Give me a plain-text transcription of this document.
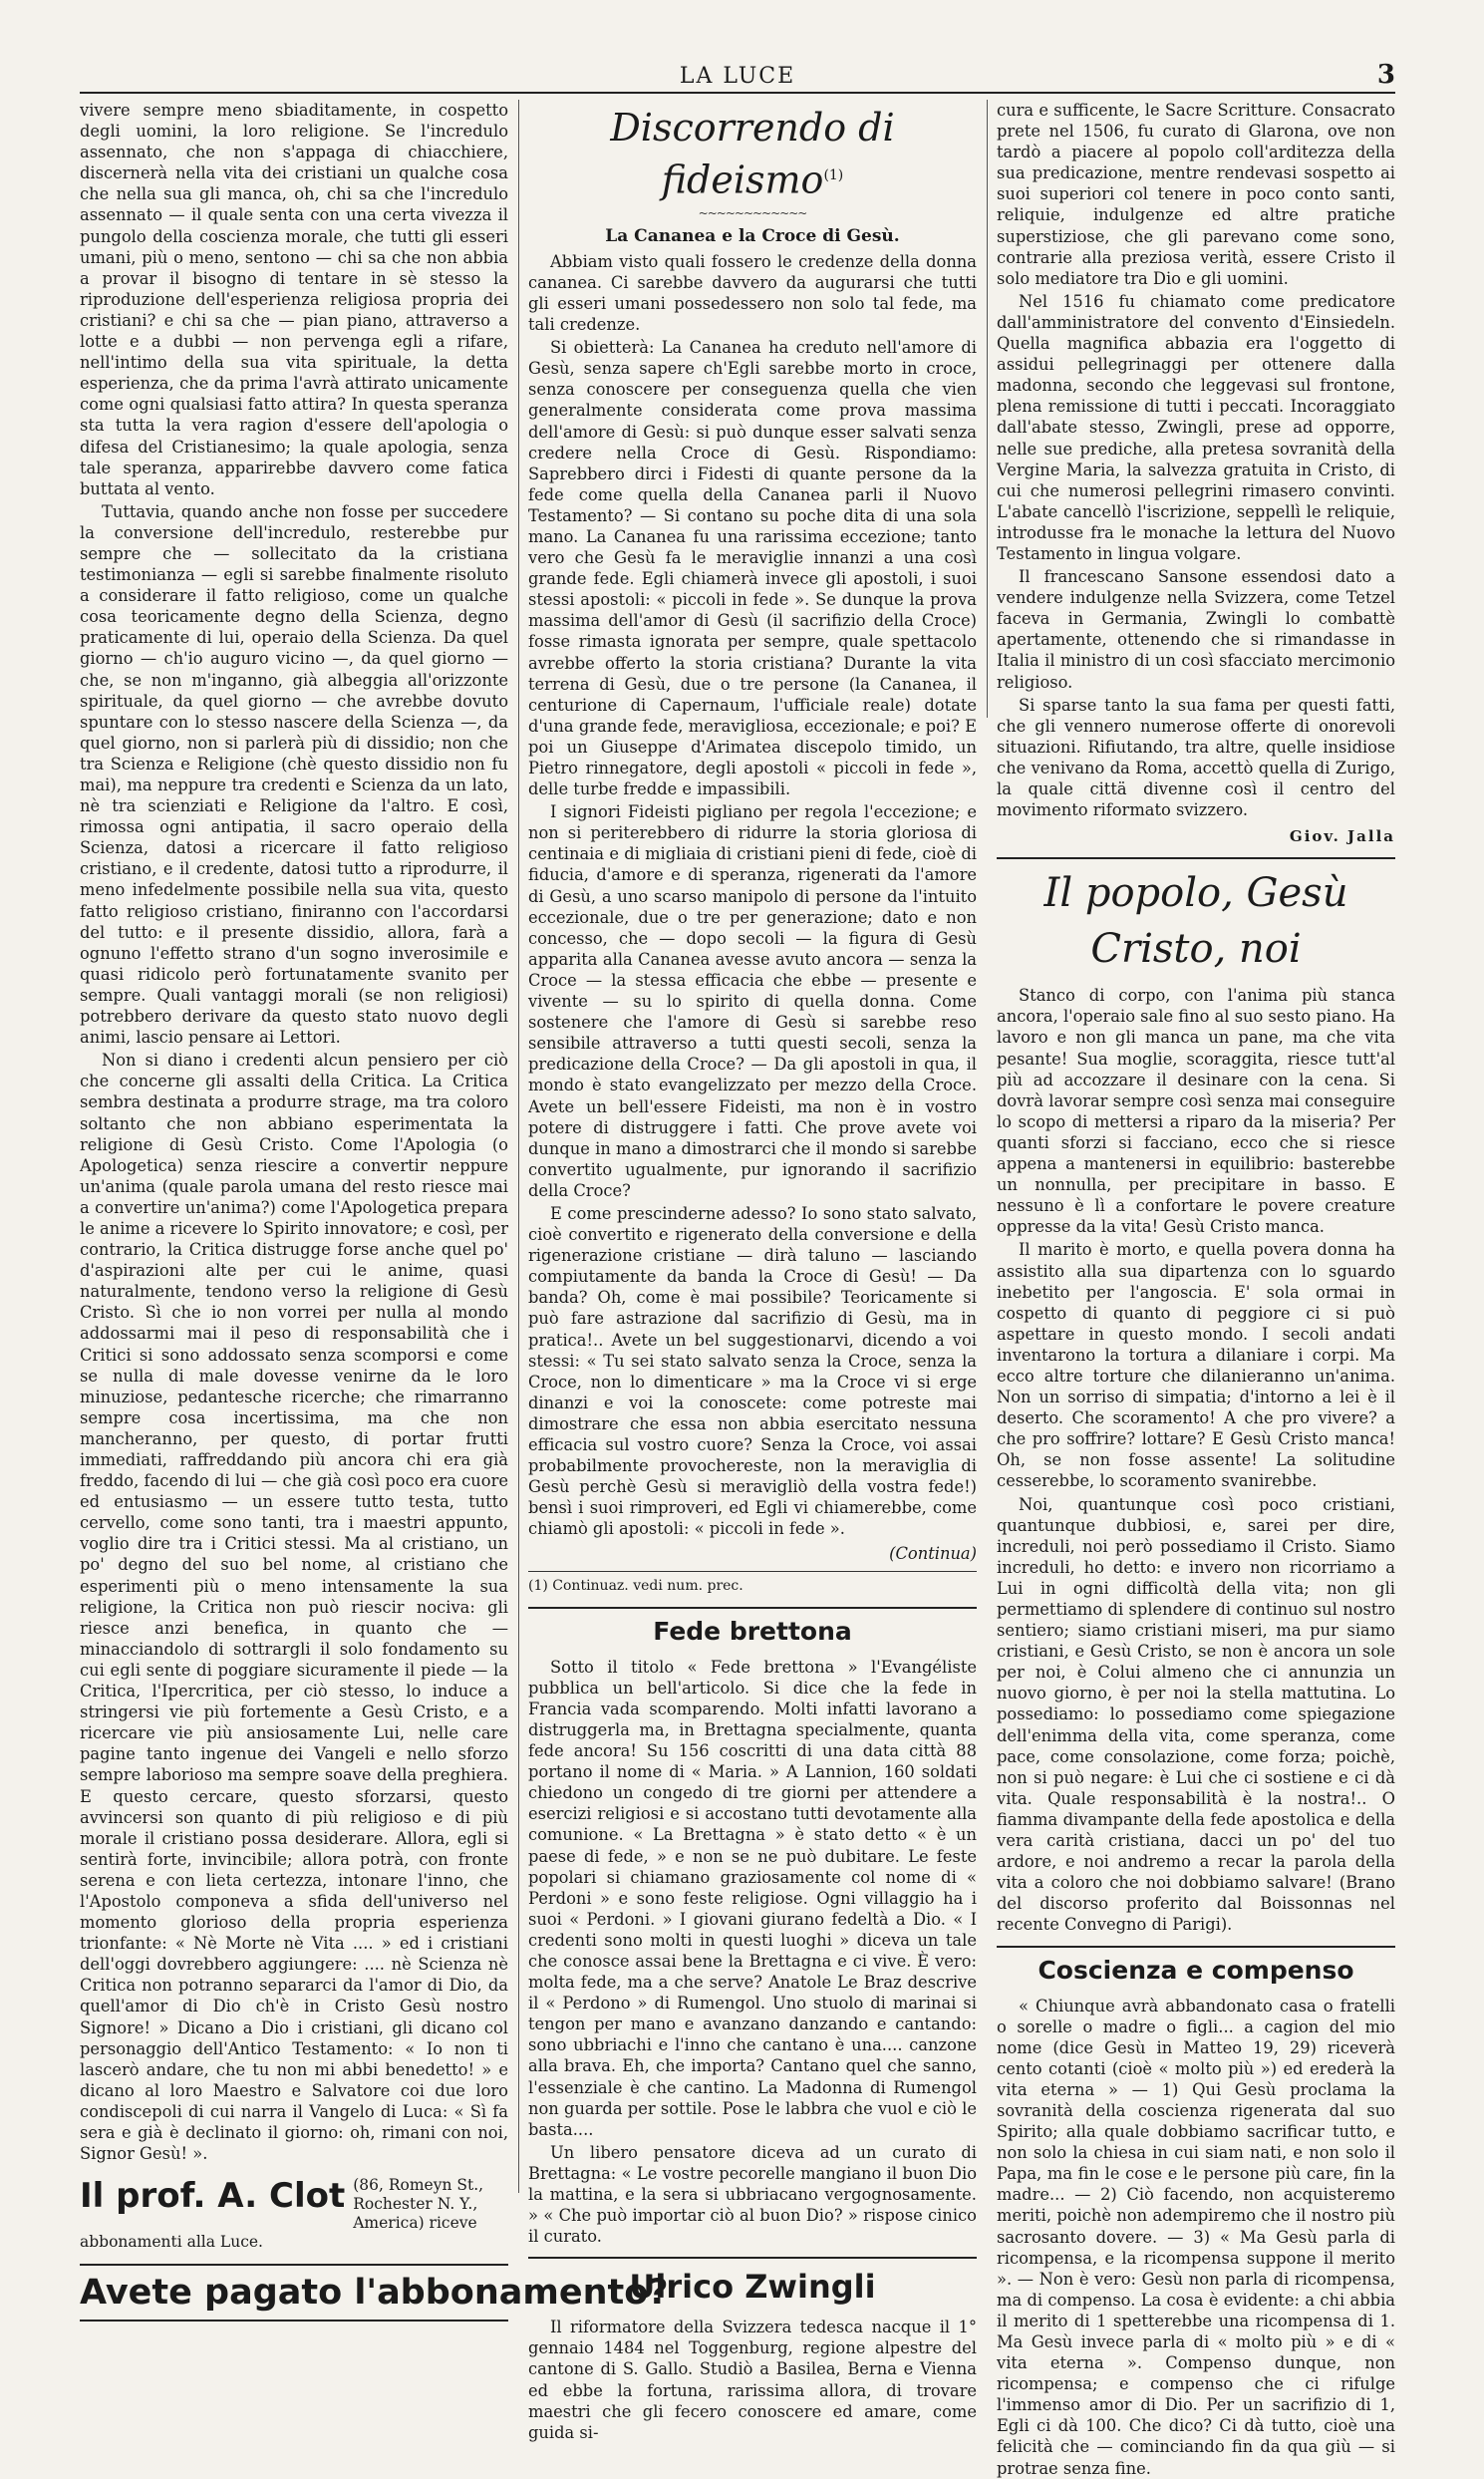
LA LUCE	3

vivere sempre meno sbiaditamente, in cospetto degli uomini, la loro religione. Se l'incredulo assennato, che non s'appaga di chiacchiere, discernerà nella vita dei cristiani un qualche cosa che nella sua gli manca, oh, chi sa che l'incredulo assennato — il quale senta con una certa vivezza il pungolo della coscienza morale, che tutti gli esseri umani, più o meno, sentono — chi sa che non abbia a provar il bisogno di tentare in sè stesso la riproduzione dell'esperienza religiosa propria dei cristiani? e chi sa che — pian piano, attraverso a lotte e a dubbi — non pervenga egli a rifare, nell'intimo della sua vita spirituale, la detta esperienza, che da prima l'avrà attirato unicamente come ogni qualsiasi fatto attira? In questa speranza sta tutta la vera ragion d'essere dell'apologia o difesa del Cristianesimo; la quale apologia, senza tale speranza, apparirebbe davvero come fatica buttata al vento.

Tuttavia, quando anche non fosse per succedere la conversione dell'incredulo, resterebbe pur sempre che — sollecitato da la cristiana testimonianza — egli si sarebbe finalmente risoluto a considerare il fatto religioso, come un qualche cosa teoricamente degno della Scienza, degno praticamente di lui, operaio della Scienza. Da quel giorno — ch'io auguro vicino —, da quel giorno — che, se non m'inganno, già albeggia all'orizzonte spirituale, da quel giorno — che avrebbe dovuto spuntare con lo stesso nascere della Scienza —, da quel giorno, non si parlerà più di dissidio; non che tra Scienza e Religione (chè questo dissidio non fu mai), ma neppure tra credenti e Scienza da un lato, nè tra scienziati e Religione da l'altro. E così, rimossa ogni antipatia, il sacro operaio della Scienza, datosi a ricercare il fatto religioso cristiano, e il credente, datosi tutto a riprodurre, il meno infedelmente possibile nella sua vita, questo fatto religioso cristiano, finiranno con l'accordarsi del tutto: e il presente dissidio, allora, farà a ognuno l'effetto strano d'un sogno inverosimile e quasi ridicolo però fortunatamente svanito per sempre. Quali vantaggi morali (se non religiosi) potrebbero derivare da questo stato nuovo degli animi, lascio pensare ai Lettori.

Non si diano i credenti alcun pensiero per ciò che concerne gli assalti della Critica. La Critica sembra destinata a produrre strage, ma tra coloro soltanto che non abbiano esperimentata la religione di Gesù Cristo. Come l'Apologia (o Apologetica) senza riescire a convertir neppure un'anima (quale parola umana del resto riesce mai a convertire un'anima?) come l'Apologetica prepara le anime a ricevere lo Spirito innovatore; e così, per contrario, la Critica distrugge forse anche quel po' d'aspirazioni alte per cui le anime, quasi naturalmente, tendono verso la religione di Gesù Cristo. Sì che io non vorrei per nulla al mondo addossarmi mai il peso di responsabilità che i Critici si sono addossato senza scomporsi e come se nulla di male dovesse venirne da le loro minuziose, pedantesche ricerche; che rimarranno sempre cosa incertissima, ma che non mancheranno, per questo, di portar frutti immediati, raffreddando più ancora chi era già freddo, facendo di lui — che già così poco era cuore ed entusiasmo — un essere tutto testa, tutto cervello, come sono tanti, tra i maestri appunto, voglio dire tra i Critici stessi. Ma al cristiano, un po' degno del suo bel nome, al cristiano che esperimenti più o meno intensamente la sua religione, la Critica non può riescir nociva: gli riesce anzi benefica, in quanto che — minacciandolo di sottrargli il solo fondamento su cui egli sente di poggiare sicuramente il piede — la Critica, l'Ipercritica, per ciò stesso, lo induce a stringersi vie più fortemente a Gesù Cristo, e a ricercare vie più ansiosamente Lui, nelle care pagine tanto ingenue dei Vangeli e nello sforzo sempre laborioso ma sempre soave della preghiera. E questo cercare, questo sforzarsi, questo avvincersi son quanto di più religioso e di più morale il cristiano possa desiderare. Allora, egli si sentirà forte, invincibile; allora potrà, con fronte serena e con lieta certezza, intonare l'inno, che l'Apostolo componeva a sfida dell'universo nel momento glorioso della propria esperienza trionfante: « Nè Morte nè Vita .... » ed i cristiani dell'oggi dovrebbero aggiungere: .... nè Scienza nè Critica non potranno separarci da l'amor di Dio, da quell'amor di Dio ch'è in Cristo Gesù nostro Signore! » Dicano a Dio i cristiani, gli dicano col personaggio dell'Antico Testamento: « Io non ti lascerò andare, che tu non mi abbi benedetto! » e dicano al loro Maestro e Salvatore coi due loro condiscepoli di cui narra il Vangelo di Luca: « Sì fa sera e già è declinato il giorno: oh, rimani con noi, Signor Gesù! ».

Il prof. A. Clot (86, Romeyn St., Rochester N. Y., America) riceve abbonamenti alla Luce.
Avete pagato l'abbonamento?
Discorrendo di fideismo$^{(1)}$
~~~~~~~~~~~~
La Cananea e la Croce di Gesù.

Abbiam visto quali fossero le credenze della donna cananea. Ci sarebbe davvero da augurarsi che tutti gli esseri umani possedessero non solo tal fede, ma tali credenze.

Si obietterà: La Cananea ha creduto nell'amore di Gesù, senza sapere ch'Egli sarebbe morto in croce, senza conoscere per conseguenza quella che vien generalmente considerata come prova massima dell'amore di Gesù: si può dunque esser salvati senza credere nella Croce di Gesù. Rispondiamo: Saprebbero dirci i Fidesti di quante persone da la fede come quella della Cananea parli il Nuovo Testamento? — Si contano su poche dita di una sola mano. La Cananea fu una rarissima eccezione; tanto vero che Gesù fa le meraviglie innanzi a una così grande fede. Egli chiamerà invece gli apostoli, i suoi stessi apostoli: « piccoli in fede ». Se dunque la prova massima dell'amor di Gesù (il sacrifizio della Croce) fosse rimasta ignorata per sempre, quale spettacolo avrebbe offerto la storia cristiana? Durante la vita terrena di Gesù, due o tre persone (la Cananea, il centurione di Capernaum, l'ufficiale reale) dotate d'una grande fede, meravigliosa, eccezionale; e poi? E poi un Giuseppe d'Arimatea discepolo timido, un Pietro rinnegatore, degli apostoli « piccoli in fede », delle turbe fredde e impassibili.

I signori Fideisti pigliano per regola l'eccezione; e non si periterebbero di ridurre la storia gloriosa di centinaia e di migliaia di cristiani pieni di fede, cioè di fiducia, d'amore e di speranza, rigenerati da l'amore di Gesù, a uno scarso manipolo di persone da l'intuito eccezionale, due o tre per generazione; dato e non concesso, che — dopo secoli — la figura di Gesù apparita alla Cananea avesse avuto ancora — senza la Croce — la stessa efficacia che ebbe — presente e vivente — su lo spirito di quella donna. Come sostenere che l'amore di Gesù si sarebbe reso sensibile attraverso a tutti questi secoli, senza la predicazione della Croce? — Da gli apostoli in qua, il mondo è stato evangelizzato per mezzo della Croce. Avete un bell'essere Fideisti, ma non è in vostro potere di distruggere i fatti. Che prove avete voi dunque in mano a dimostrarci che il mondo si sarebbe convertito ugualmente, pur ignorando il sacrifizio della Croce?

E come prescinderne adesso? Io sono stato salvato, cioè convertito e rigenerato della conversione e della rigenerazione cristiane — dirà taluno — lasciando compiutamente da banda la Croce di Gesù! — Da banda? Oh, come è mai possibile? Teoricamente si può fare astrazione dal sacrifizio di Gesù, ma in pratica!.. Avete un bel suggestionarvi, dicendo a voi stessi: « Tu sei stato salvato senza la Croce, senza la Croce, non lo dimenticare » ma la Croce vi si erge dinanzi e voi la conoscete: come potreste mai dimostrare che essa non abbia esercitato nessuna efficacia sul vostro cuore? Senza la Croce, voi assai probabilmente provochereste, non la meraviglia di Gesù perchè Gesù si meravigliò della vostra fede!) bensì i suoi rimproveri, ed Egli vi chiamerebbe, come chiamò gli apostoli: « piccoli in fede ».

(Continua)
(1) Continuaz. vedi num. prec.
Fede brettona

Sotto il titolo « Fede brettona » l'Evangéliste pubblica un bell'articolo. Si dice che la fede in Francia vada scomparendo. Molti infatti lavorano a distruggerla ma, in Brettagna specialmente, quanta fede ancora! Su 156 coscritti di una data città 88 portano il nome di « Maria. » A Lannion, 160 soldati chiedono un congedo di tre giorni per attendere a esercizi religiosi e si accostano tutti devotamente alla comunione. « La Brettagna » è stato detto « è un paese di fede, » e non se ne può dubitare. Le feste popolari si chiamano graziosamente col nome di « Perdoni » e sono feste religiose. Ogni villaggio ha i suoi « Perdoni. » I giovani giurano fedeltà a Dio. « I credenti sono molti in questi luoghi » diceva un tale che conosce assai bene la Brettagna e ci vive. È vero: molta fede, ma a che serve? Anatole Le Braz descrive il « Perdono » di Rumengol. Uno stuolo di marinai si tengon per mano e avanzano danzando e cantando: sono ubbriachi e l'inno che cantano è una.... canzone alla brava. Eh, che importa? Cantano quel che sanno, l'essenziale è che cantino. La Madonna di Rumengol non guarda per sottile. Pose le labbra che vuol e ciò le basta....

Un libero pensatore diceva ad un curato di Brettagna: « Le vostre pecorelle mangiano il buon Dio la mattina, e la sera si ubbriacano vergognosamente. » « Che può importar ciò al buon Dio? » rispose cinico il curato.

Ulrico Zwingli

Il riformatore della Svizzera tedesca nacque il 1° gennaio 1484 nel Toggenburg, regione alpestre del cantone di S. Gallo. Studiò a Basilea, Berna e Vienna ed ebbe la fortuna, rarissima allora, di trovare maestri che gli fecero conoscere ed amare, come guida si-

cura e sufficente, le Sacre Scritture. Consacrato prete nel 1506, fu curato di Glarona, ove non tardò a piacere al popolo coll'arditezza della sua predicazione, mentre rendevasi sospetto ai suoi superiori col tenere in poco conto santi, reliquie, indulgenze ed altre pratiche superstiziose, che gli parevano come sono, contrarie alla preziosa verità, essere Cristo il solo mediatore tra Dio e gli uomini.

Nel 1516 fu chiamato come predicatore dall'amministratore del convento d'Einsiedeln. Quella magnifica abbazia era l'oggetto di assidui pellegrinaggi per ottenere dalla madonna, secondo che leggevasi sul frontone, plena remissione di tutti i peccati. Incoraggiato dall'abate stesso, Zwingli, prese ad opporre, nelle sue prediche, alla pretesa sovranità della Vergine Maria, la salvezza gratuita in Cristo, di cui che numerosi pellegrini rimasero convinti. L'abate cancellò l'iscrizione, seppellì le reliquie, introdusse fra le monache la lettura del Nuovo Testamento in lingua volgare.

Il francescano Sansone essendosi dato a vendere indulgenze nella Svizzera, come Tetzel faceva in Germania, Zwingli lo combattè apertamente, ottenendo che si rimandasse in Italia il ministro di un così sfacciato mercimonio religioso.

Si sparse tanto la sua fama per questi fatti, che gli vennero numerose offerte di onorevoli situazioni. Rifiutando, tra altre, quelle insidiose che venivano da Roma, accettò quella di Zurigo, la quale cittä divenne così il centro del movimento riformato svizzero.

Giov. Jalla
Il popolo, Gesù Cristo, noi

Stanco di corpo, con l'anima più stanca ancora, l'operaio sale fino al suo sesto piano. Ha lavoro e non gli manca un pane, ma che vita pesante! Sua moglie, scoraggita, riesce tutt'al più ad accozzare il desinare con la cena. Si dovrà lavorar sempre così senza mai conseguire lo scopo di mettersi a riparo da la miseria? Per quanti sforzi si facciano, ecco che si riesce appena a mantenersi in equilibrio: basterebbe un nonnulla, per precipitare in basso. E nessuno è lì a confortare le povere creature oppresse da la vita! Gesù Cristo manca.

Il marito è morto, e quella povera donna ha assistito alla sua dipartenza con lo sguardo inebetito per l'angoscia. E' sola ormai in cospetto di quanto di peggiore ci si può aspettare in questo mondo. I secoli andati inventarono la tortura a dilaniare i corpi. Ma ecco altre torture che dilanieranno un'anima. Non un sorriso di simpatia; d'intorno a lei è il deserto. Che scoramento! A che pro vivere? a che pro soffrire? lottare? E Gesù Cristo manca! Oh, se non fosse assente! La solitudine cesserebbe, lo scoramento svanirebbe.

Noi, quantunque così poco cristiani, quantunque dubbiosi, e, sarei per dire, increduli, noi però possediamo il Cristo. Siamo increduli, ho detto: e invero non ricorriamo a Lui in ogni difficoltà della vita; non gli permettiamo di splendere di continuo sul nostro sentiero; siamo cristiani miseri, ma pur siamo cristiani, e Gesù Cristo, se non è ancora un sole per noi, è Colui almeno che ci annunzia un nuovo giorno, è per noi la stella mattutina. Lo possediamo: lo possediamo come spiegazione dell'enimma della vita, come speranza, come pace, come consolazione, come forza; poichè, non si può negare: è Lui che ci sostiene e ci dà vita. Quale responsabilità è la nostra!.. O fiamma divampante della fede apostolica e della vera carità cristiana, dacci un po' del tuo ardore, e noi andremo a recar la parola della vita a coloro che noi dobbiamo salvare! (Brano del discorso proferito dal Boissonnas nel recente Convegno di Parigi).

Coscienza e compenso

« Chiunque avrà abbandonato casa o fratelli o sorelle o madre o figli... a cagion del mio nome (dice Gesù in Matteo 19, 29) riceverà cento cotanti (cioè « molto più ») ed erederà la vita eterna » — 1) Qui Gesù proclama la sovranità della coscienza rigenerata dal suo Spirito; alla quale dobbiamo sacrificar tutto, e non solo la chiesa in cui siam nati, e non solo il Papa, ma fin le cose e le persone più care, fin la madre... — 2) Ciò facendo, non acquisteremo meriti, poichè non adempiremo che il nostro più sacrosanto dovere. — 3) « Ma Gesù parla di ricompensa, e la ricompensa suppone il merito ». — Non è vero: Gesù non parla di ricompensa, ma di compenso. La cosa è evidente: a chi abbia il merito di 1 spetterebbe una ricompensa di 1. Ma Gesù invece parla di « molto più » e di « vita eterna ». Compenso dunque, non ricompensa; e compenso che ci rifulge l'immenso amor di Dio. Per un sacrifizio di 1, Egli ci dà 100. Che dico? Ci dà tutto, cioè una felicità che — cominciando fin da qua giù — si protrae senza fine.
